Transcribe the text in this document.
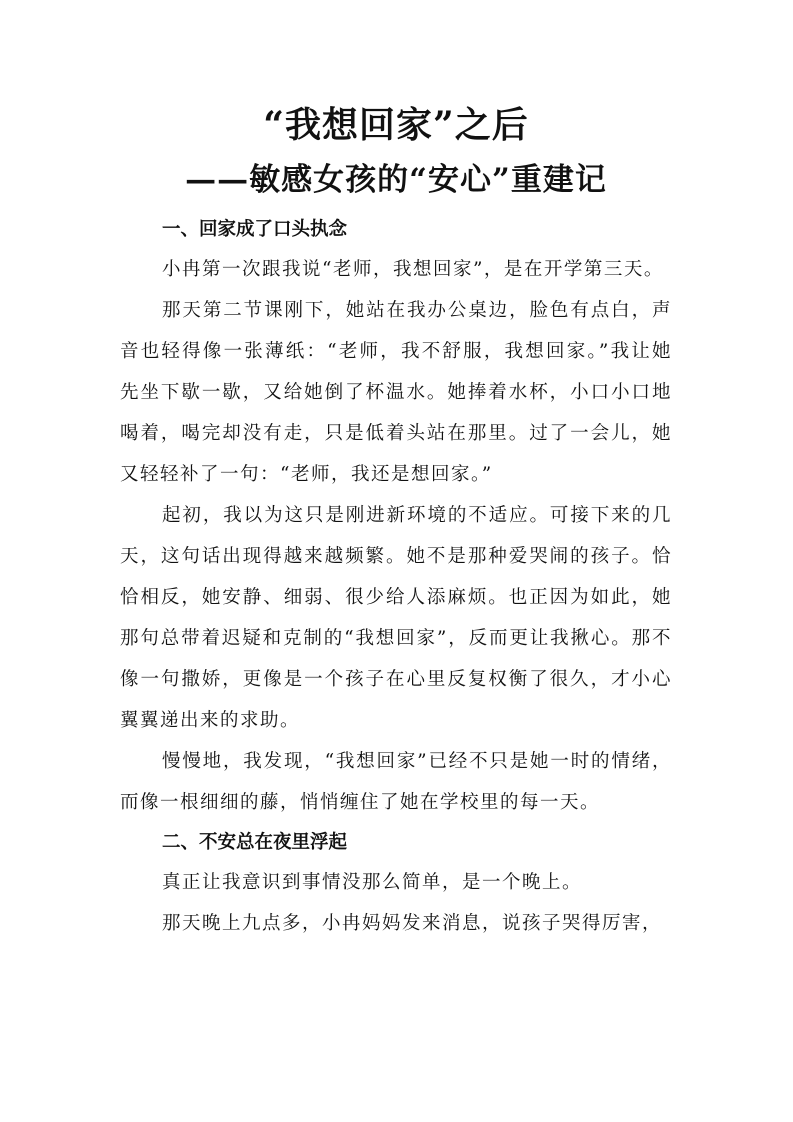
“我想回家”之后
——敏感女孩的“安心”重建记
一、回家成了口头执念

小冉第一次跟我说“老师，我想回家”，是在开学第三天。

那天第二节课刚下，她站在我办公桌边，脸色有点白，声音也轻得像一张薄纸：“老师，我不舒服，我想回家。”我让她先坐下歇一歇，又给她倒了杯温水。她捧着水杯，小口小口地喝着，喝完却没有走，只是低着头站在那里。过了一会儿，她又轻轻补了一句：“老师，我还是想回家。”

起初，我以为这只是刚进新环境的不适应。可接下来的几天，这句话出现得越来越频繁。她不是那种爱哭闹的孩子。恰恰相反，她安静、细弱、很少给人添麻烦。也正因为如此，她那句总带着迟疑和克制的“我想回家”，反而更让我揪心。那不像一句撒娇，更像是一个孩子在心里反复权衡了很久，才小心翼翼递出来的求助。

慢慢地，我发现，“我想回家”已经不只是她一时的情绪，而像一根细细的藤，悄悄缠住了她在学校里的每一天。

二、不安总在夜里浮起

真正让我意识到事情没那么简单，是一个晚上。

那天晚上九点多，小冉妈妈发来消息，说孩子哭得厉害，
